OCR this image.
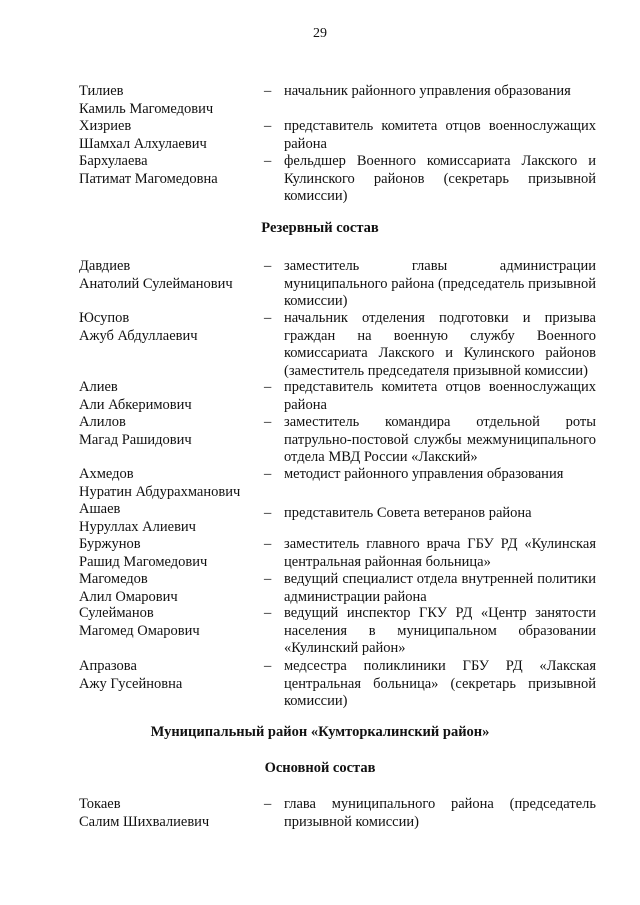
29
Тилиев
Камиль Магомедович
– начальник районного управления образования
Хизриев
Шамхал Алхулаевич
– представитель комитета отцов военнослужащих района
Бархулаева
Патимат Магомедовна
– фельдшер Военного комиссариата Лакского и Кулинского районов (секретарь призывной комиссии)
Резервный состав
Давдиев
Анатолий Сулейманович
– заместитель главы администрации муниципального района (председатель призывной комиссии)
Юсупов
Ажуб Абдуллаевич
– начальник отделения подготовки и призыва граждан на военную службу Военного комиссариата Лакского и Кулинского районов (заместитель председателя призывной комиссии)
Алиев
Али Абкеримович
– представитель комитета отцов военнослужащих района
Алилов
Магад Рашидович
– заместитель командира отдельной роты патрульно-постовой службы межмуниципального отдела МВД России «Лакский»
Ахмедов
Нуратин Абдурахманович
– методист районного управления образования
Ашаев
Нуруллах Алиевич
– представитель Совета ветеранов района
Буржунов
Рашид Магомедович
– заместитель главного врача ГБУ РД «Кулинская центральная районная больница»
Магомедов
Алил Омарович
– ведущий специалист отдела внутренней политики администрации района
Сулейманов
Магомед Омарович
– ведущий инспектор ГКУ РД «Центр занятости населения в муниципальном образовании «Кулинский район»
Апразова
Ажу Гусейновна
– медсестра поликлиники ГБУ РД «Лакская центральная больница» (секретарь призывной комиссии)
Муниципальный район «Кумторкалинский район»
Основной состав
Токаев
Салим Шихвалиевич
– глава муниципального района (председатель призывной комиссии)
